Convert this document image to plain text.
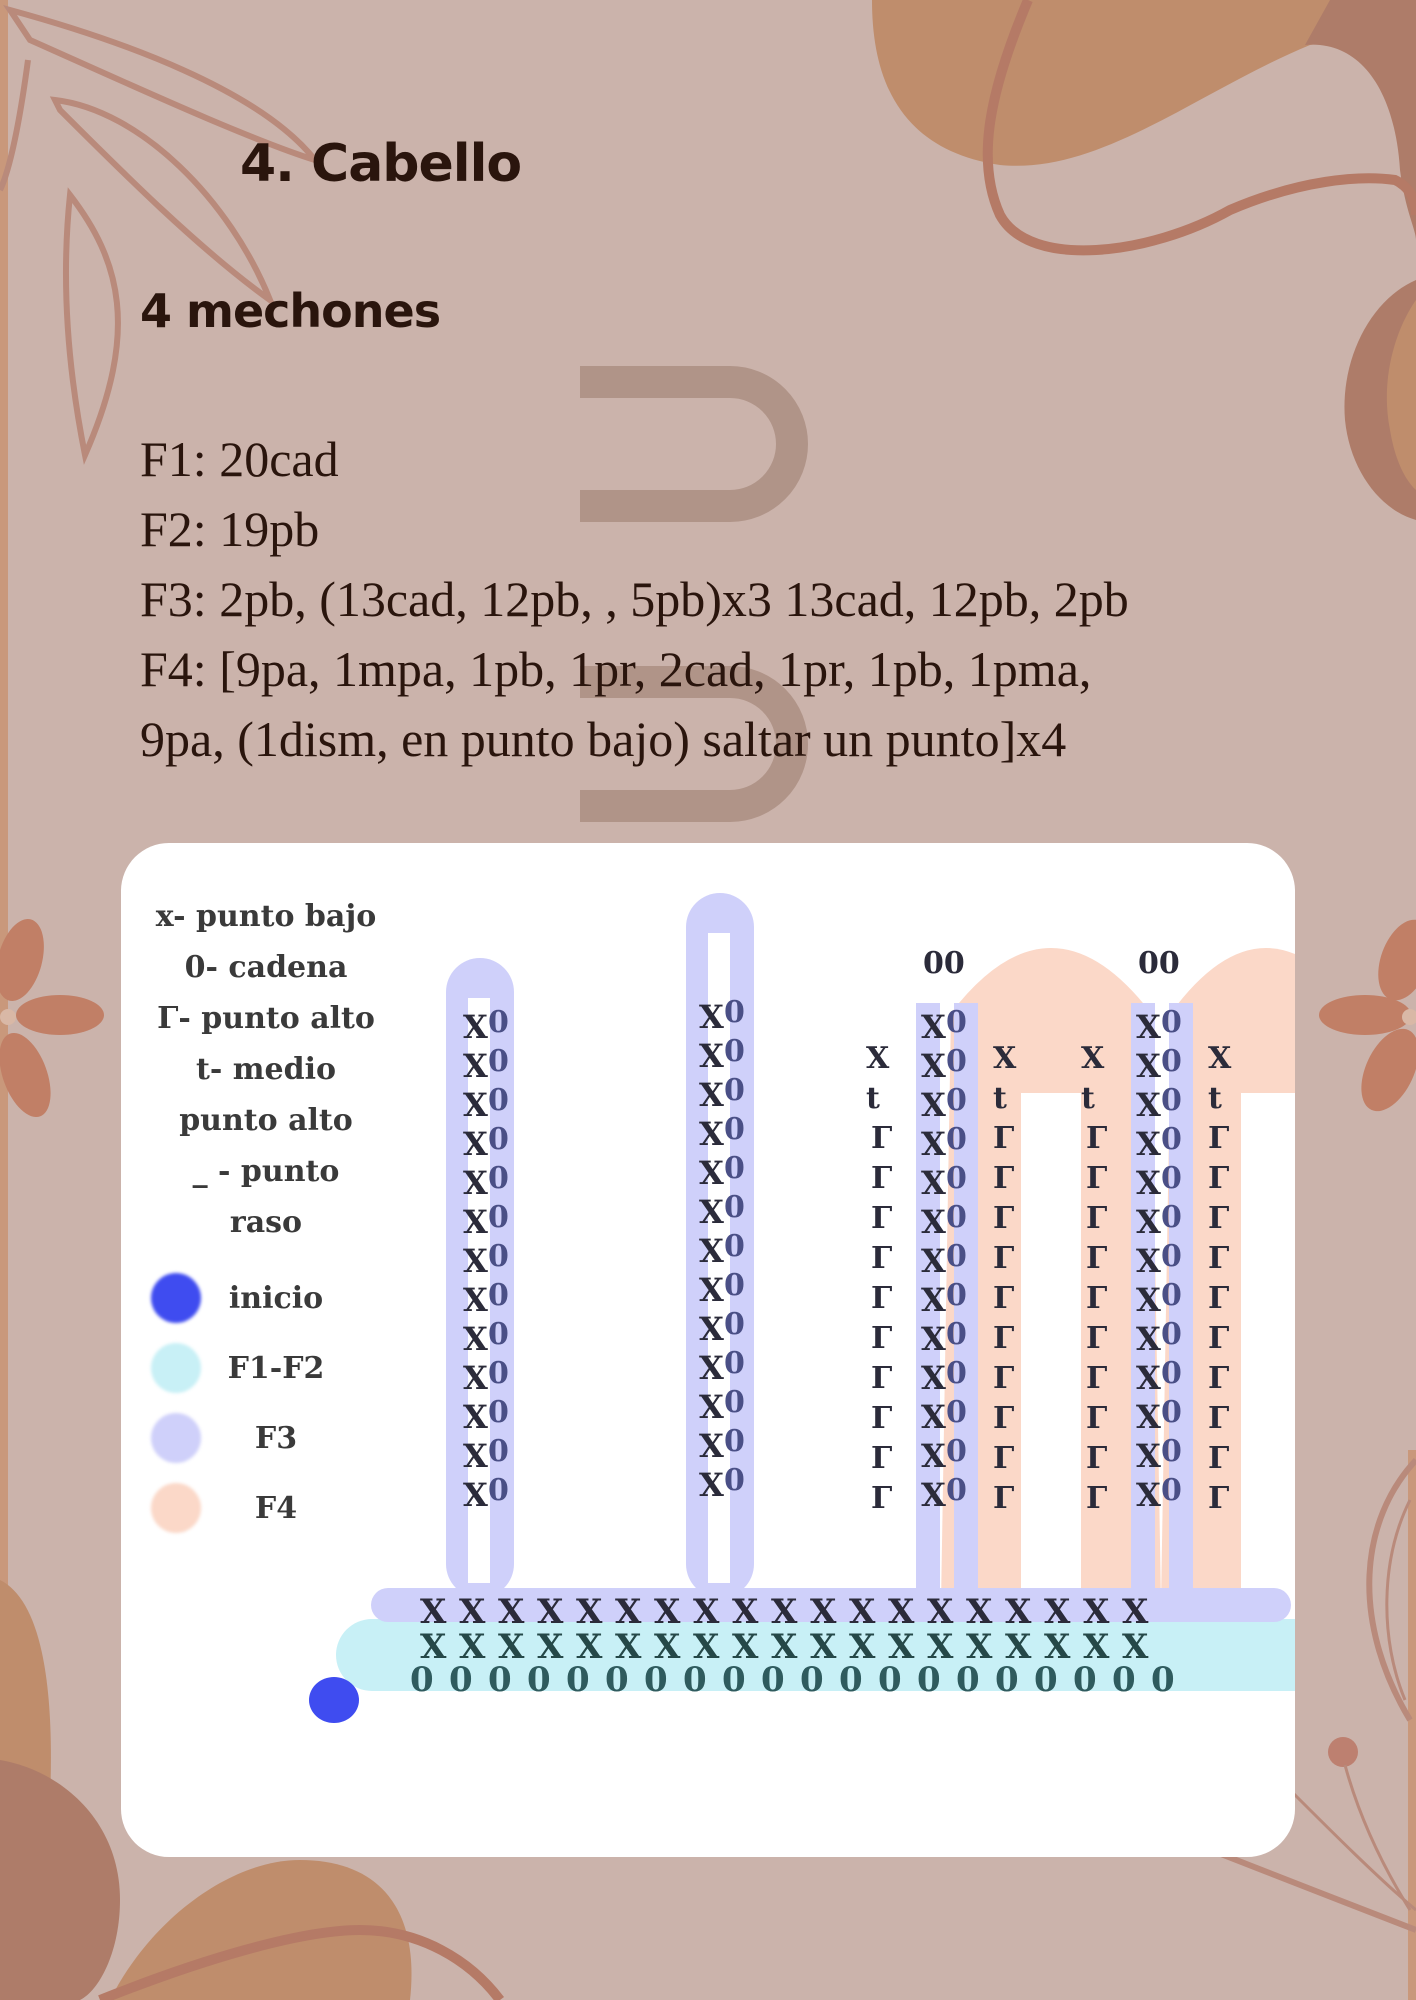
4. Cabello
4 mechones
F1: 20cad
F2: 19pb
F3: 2pb, (13cad, 12pb, , 5pb)x3 13cad, 12pb, 2pb
F4: [9pa, 1mpa, 1pb, 1pr, 2cad, 1pr, 1pb, 1pma,
9pa, (1dism, en punto bajo) saltar un punto]x4
0 0 0 0 0 0 0 0 0 0 0 0 0 0 0 0 0 0 0 0
X
X
X
X
X
X
X
X
X
X
X
X
X
X
X
X
X
X
X
X
X
X
X
X
X
X
X
X
X
X
X
X
X
X
X
X
X
X
X 0
X 0
X 0
X 0
X 0
X 0
X 0
X 0
X 0
X 0
X 0
X 0
X 0
X 0
X 0
X 0
X 0
X 0
X 0
X 0
X 0
X 0
X 0
X 0
X 0
X 0
X 0
X 0
X 0
X 0
X 0
X 0
X 0
X 0
X 0
X 0
X 0
X 0
X 0
X 0
X 0
X 0
X 0
X 0
X 0
X 0
X 0
X 0
X 0
X 0
X 0
X 0
00
X
t
Γ
Γ
Γ
Γ
Γ
Γ
Γ
Γ
Γ
Γ
X
t
Γ
Γ
Γ
Γ
Γ
Γ
Γ
Γ
Γ
Γ
00
X
t
Γ
Γ
Γ
Γ
Γ
Γ
Γ
Γ
Γ
Γ
X
t
Γ
Γ
Γ
Γ
Γ
Γ
Γ
Γ
Γ
Γ
x- punto bajo
0- cadena
Γ- punto alto
t- medio
punto alto
_ - punto
raso
inicio
F1-F2
F3
F4
